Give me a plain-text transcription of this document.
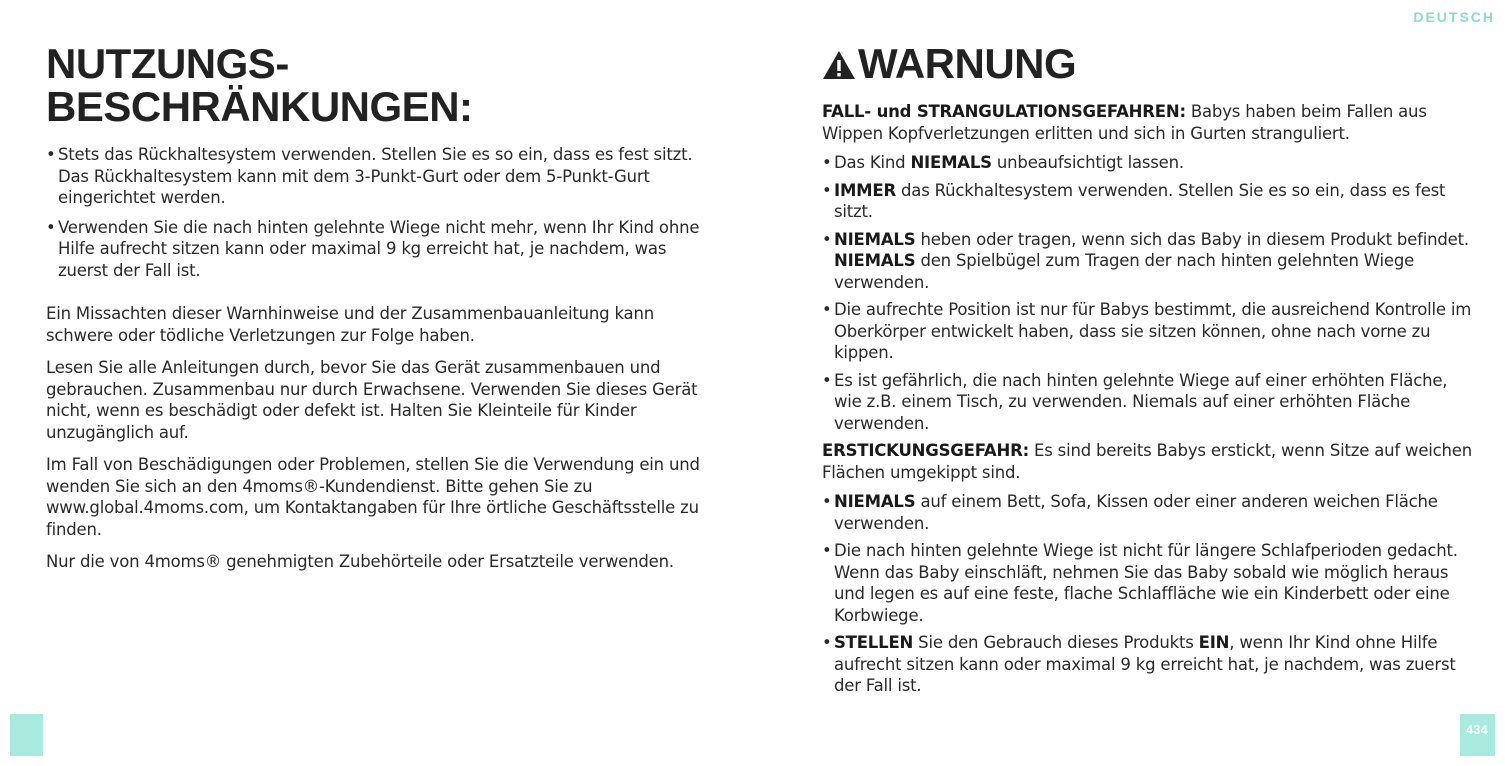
DEUTSCH
NUTZUNGS-
BESCHRÄNKUNGEN:
• Stets das Rückhaltesystem verwenden. Stellen Sie es so ein, dass es fest sitzt. Das Rückhaltesystem kann mit dem 3-Punkt-Gurt oder dem 5-Punkt-Gurt eingerichtet werden.

• Verwenden Sie die nach hinten gelehnte Wiege nicht mehr, wenn Ihr Kind ohne Hilfe aufrecht sitzen kann oder maximal 9 kg erreicht hat, je nachdem, was zuerst der Fall ist.

Ein Missachten dieser Warnhinweise und der Zusammenbauanleitung kann schwere oder tödliche Verletzungen zur Folge haben.

Lesen Sie alle Anleitungen durch, bevor Sie das Gerät zusammenbauen und gebrauchen. Zusammenbau nur durch Erwachsene. Verwenden Sie dieses Gerät nicht, wenn es beschädigt oder defekt ist. Halten Sie Kleinteile für Kinder unzugänglich auf.

Im Fall von Beschädigungen oder Problemen, stellen Sie die Verwendung ein und wenden Sie sich an den 4moms®-Kundendienst. Bitte gehen Sie zu www.global.4moms.com, um Kontaktangaben für Ihre örtliche Geschäftsstelle zu finden.

Nur die von 4moms® genehmigten Zubehörteile oder Ersatzteile verwenden.

WARNUNG

FALL- und STRANGULATIONSGEFAHREN: Babys haben beim Fallen aus Wippen Kopfverletzungen erlitten und sich in Gurten stranguliert.

• Das Kind NIEMALS unbeaufsichtigt lassen.

• IMMER das Rückhaltesystem verwenden. Stellen Sie es so ein, dass es fest sitzt.

• NIEMALS heben oder tragen, wenn sich das Baby in diesem Produkt befindet. NIEMALS den Spielbügel zum Tragen der nach hinten gelehnten Wiege verwenden.

• Die aufrechte Position ist nur für Babys bestimmt, die ausreichend Kontrolle im Oberkörper entwickelt haben, dass sie sitzen können, ohne nach vorne zu kippen.

• Es ist gefährlich, die nach hinten gelehnte Wiege auf einer erhöhten Fläche, wie z.B. einem Tisch, zu verwenden. Niemals auf einer erhöhten Fläche verwenden.

ERSTICKUNGSGEFAHR: Es sind bereits Babys erstickt, wenn Sitze auf weichen Flächen umgekippt sind.

• NIEMALS auf einem Bett, Sofa, Kissen oder einer anderen weichen Fläche verwenden.

• Die nach hinten gelehnte Wiege ist nicht für längere Schlafperioden gedacht. Wenn das Baby einschläft, nehmen Sie das Baby sobald wie möglich heraus und legen es auf eine feste, flache Schlaffläche wie ein Kinderbett oder eine Korbwiege.

• STELLEN Sie den Gebrauch dieses Produkts EIN, wenn Ihr Kind ohne Hilfe aufrecht sitzen kann oder maximal 9 kg erreicht hat, je nachdem, was zuerst der Fall ist.

434
